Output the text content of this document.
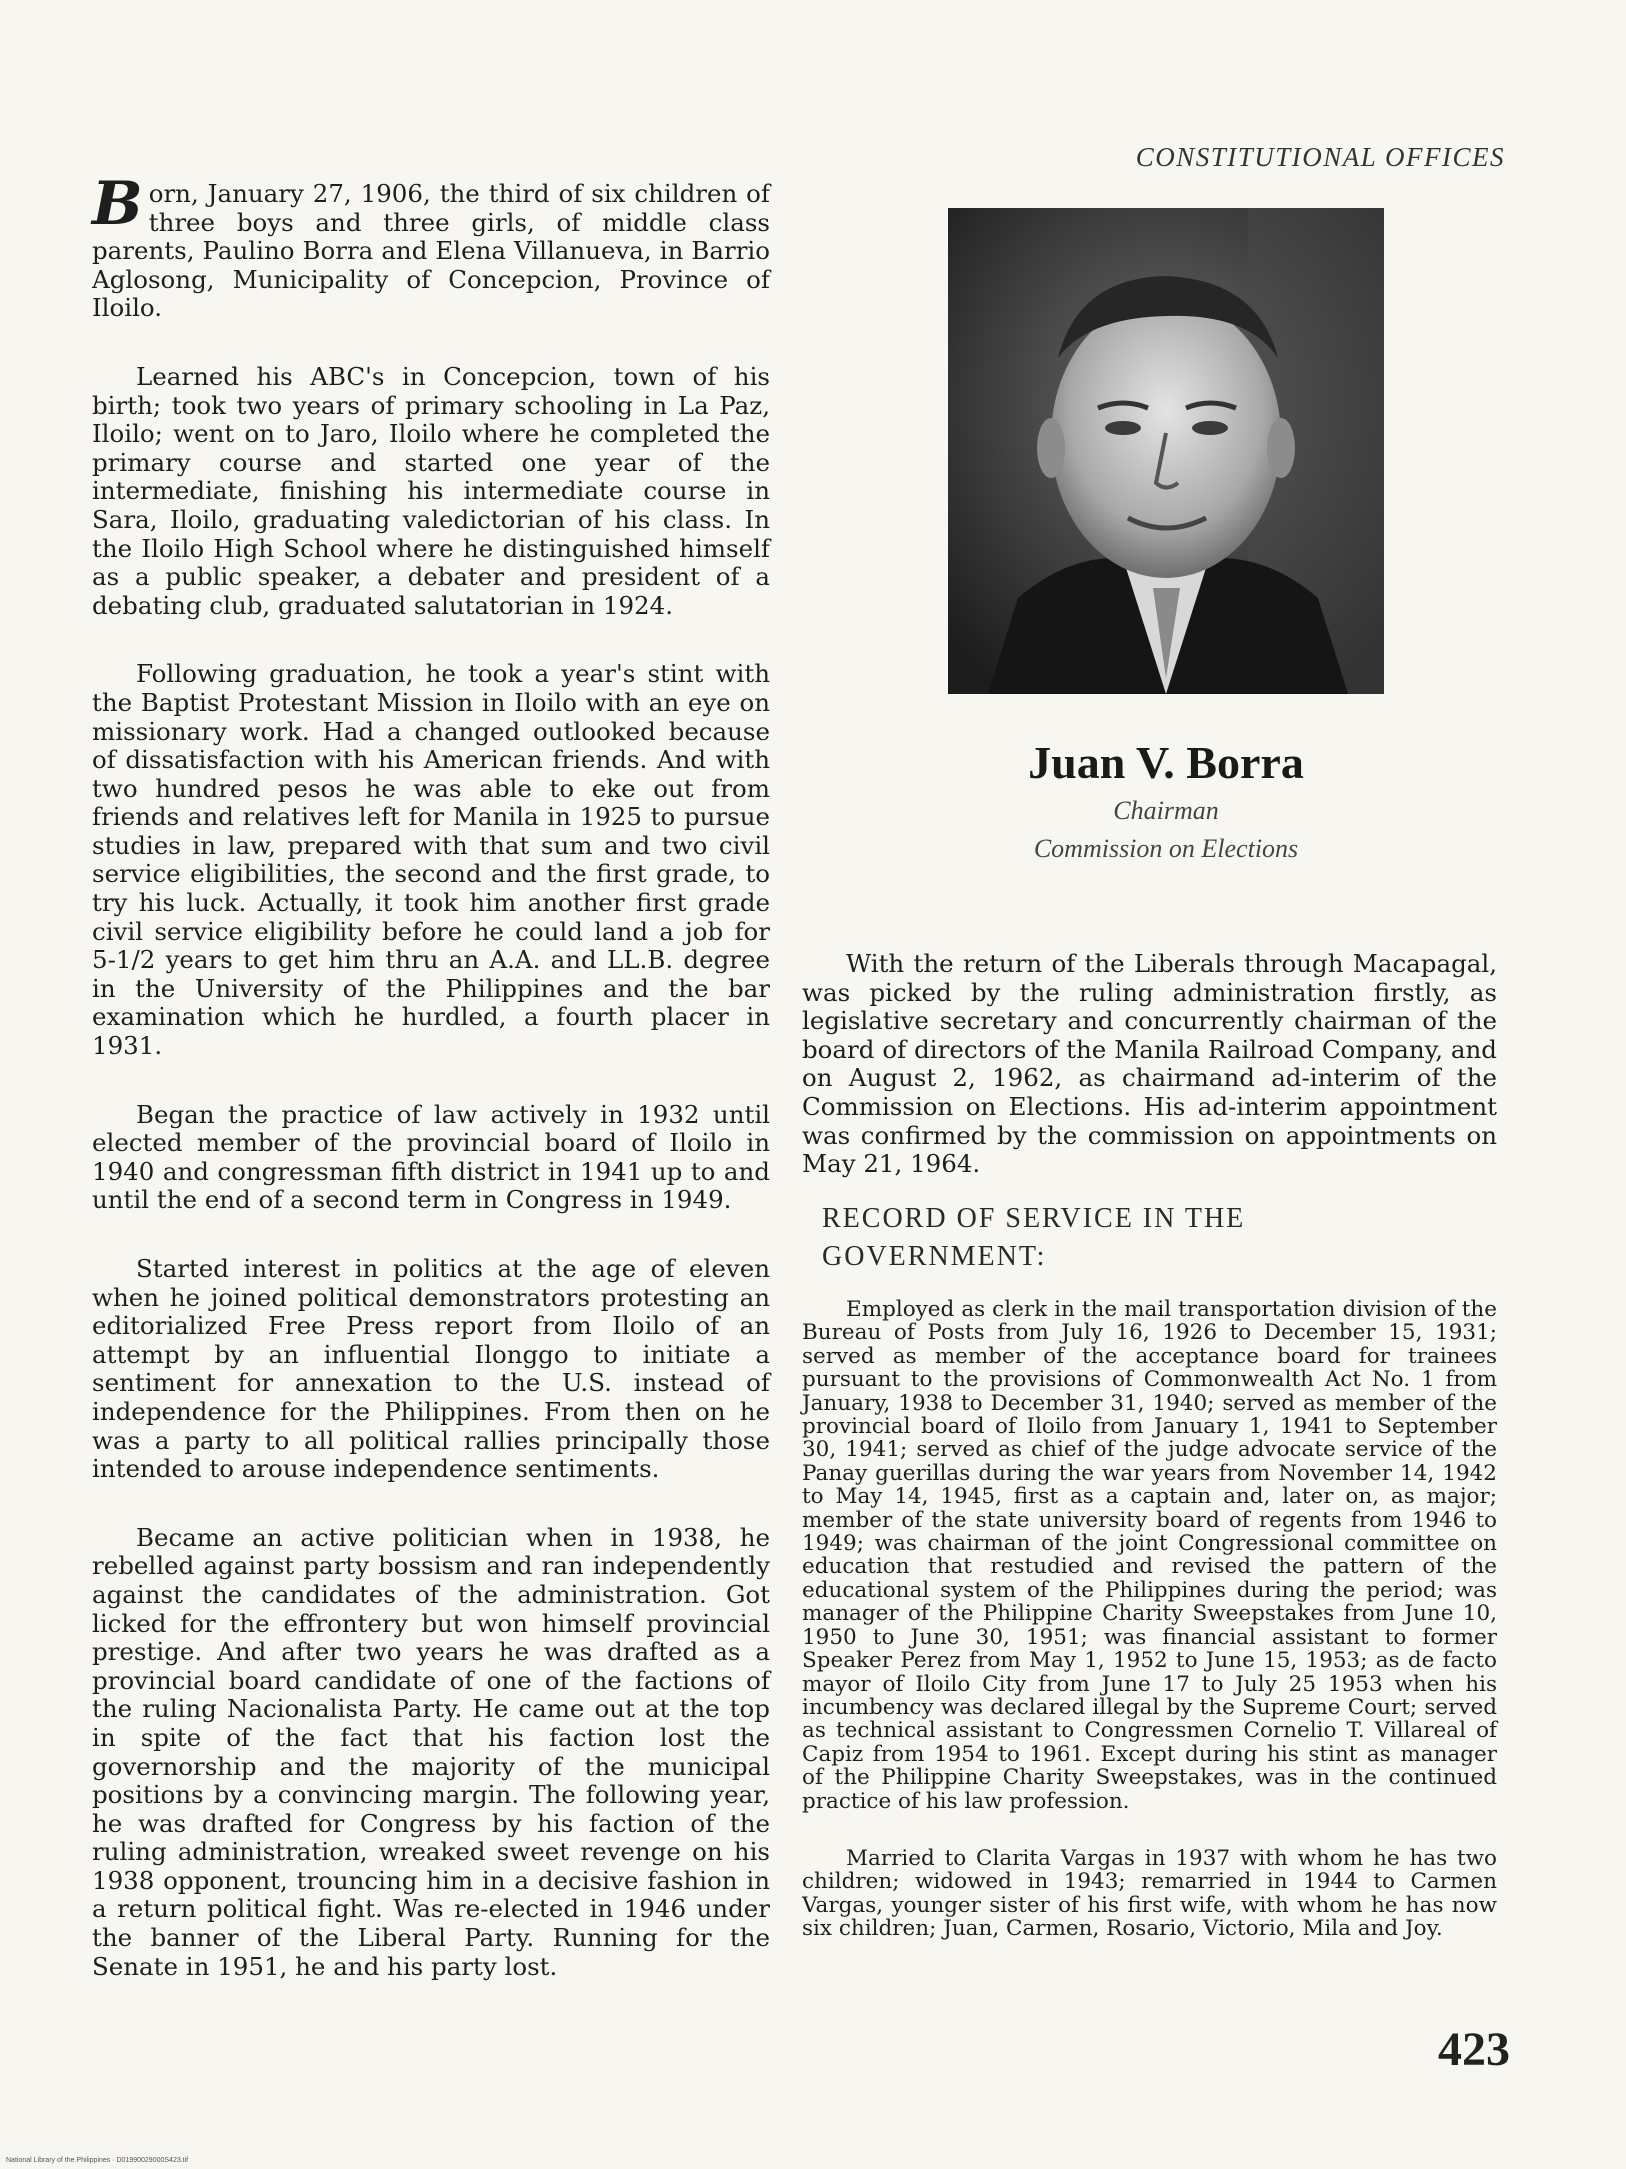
CONSTITUTIONAL OFFICES

Born, January 27, 1906, the third of six children of three boys and three girls, of middle class parents, Paulino Borra and Elena Villanueva, in Barrio Aglosong, Municipality of Concepcion, Province of Iloilo.

Learned his ABC's in Concepcion, town of his birth; took two years of primary schooling in La Paz, Iloilo; went on to Jaro, Iloilo where he completed the primary course and started one year of the intermediate, finishing his intermediate course in Sara, Iloilo, graduating valedictorian of his class. In the Iloilo High School where he distinguished himself as a public speaker, a debater and president of a debating club, graduated salutatorian in 1924.

Following graduation, he took a year's stint with the Baptist Protestant Mission in Iloilo with an eye on missionary work. Had a changed outlooked because of dissatisfaction with his American friends. And with two hundred pesos he was able to eke out from friends and relatives left for Manila in 1925 to pursue studies in law, prepared with that sum and two civil service eligibilities, the second and the first grade, to try his luck. Actually, it took him another first grade civil service eligibility before he could land a job for 5-1/2 years to get him thru an A.A. and LL.B. degree in the University of the Philippines and the bar examination which he hurdled, a fourth placer in 1931.

Began the practice of law actively in 1932 until elected member of the provincial board of Iloilo in 1940 and congressman fifth district in 1941 up to and until the end of a second term in Congress in 1949.

Started interest in politics at the age of eleven when he joined political demonstrators protesting an editorialized Free Press report from Iloilo of an attempt by an influential Ilonggo to initiate a sentiment for annexation to the U.S. instead of independence for the Philippines. From then on he was a party to all political rallies principally those intended to arouse independence sentiments.

Became an active politician when in 1938, he rebelled against party bossism and ran independently against the candidates of the administration. Got licked for the effrontery but won himself provincial prestige. And after two years he was drafted as a provincial board candidate of one of the factions of the ruling Nacionalista Party. He came out at the top in spite of the fact that his faction lost the governorship and the majority of the municipal positions by a convincing margin. The following year, he was drafted for Congress by his faction of the ruling administration, wreaked sweet revenge on his 1938 opponent, trouncing him in a decisive fashion in a return political fight. Was re-elected in 1946 under the banner of the Liberal Party. Running for the Senate in 1951, he and his party lost.

Juan V. Borra
Chairman
Commission on Elections

With the return of the Liberals through Macapagal, was picked by the ruling administration firstly, as legislative secretary and concurrently chairman of the board of directors of the Manila Railroad Company, and on August 2, 1962, as chairmand ad-interim of the Commission on Elections. His ad-interim appointment was confirmed by the commission on appointments on May 21, 1964.

RECORD OF SERVICE IN THE GOVERNMENT:

Employed as clerk in the mail transportation division of the Bureau of Posts from July 16, 1926 to December 15, 1931; served as member of the acceptance board for trainees pursuant to the provisions of Commonwealth Act No. 1 from January, 1938 to December 31, 1940; served as member of the provincial board of Iloilo from January 1, 1941 to September 30, 1941; served as chief of the judge advocate service of the Panay guerillas during the war years from November 14, 1942 to May 14, 1945, first as a captain and, later on, as major; member of the state university board of regents from 1946 to 1949; was chairman of the joint Congressional committee on education that restudied and revised the pattern of the educational system of the Philippines during the period; was manager of the Philippine Charity Sweepstakes from June 10, 1950 to June 30, 1951; was financial assistant to former Speaker Perez from May 1, 1952 to June 15, 1953; as de facto mayor of Iloilo City from June 17 to July 25 1953 when his incumbency was declared illegal by the Supreme Court; served as technical assistant to Congressmen Cornelio T. Villareal of Capiz from 1954 to 1961. Except during his stint as manager of the Philippine Charity Sweepstakes, was in the continued practice of his law profession.

Married to Clarita Vargas in 1937 with whom he has two children; widowed in 1943; remarried in 1944 to Carmen Vargas, younger sister of his first wife, with whom he has now six children; Juan, Carmen, Rosario, Victorio, Mila and Joy.

423
National Library of the Philippines · D01990029000S423.tif
